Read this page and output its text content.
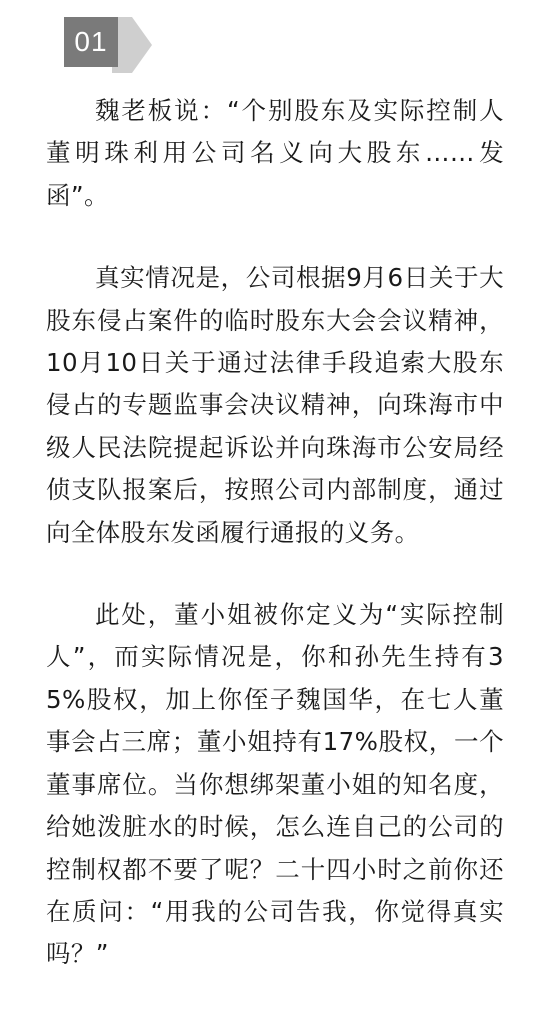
01

魏老板说：“个别股东及实际控制人董明珠利用公司名义向大股东……发函”。

真实情况是，公司根据9月6日关于大股东侵占案件的临时股东大会会议精神，10月10日关于通过法律手段追索大股东侵占的专题监事会决议精神，向珠海市中级人民法院提起诉讼并向珠海市公安局经侦支队报案后，按照公司内部制度，通过向全体股东发函履行通报的义务。

此处，董小姐被你定义为“实际控制人”，而实际情况是，你和孙先生持有35%股权，加上你侄子魏国华，在七人董事会占三席；董小姐持有17%股权，一个董事席位。当你想绑架董小姐的知名度，给她泼脏水的时候，怎么连自己的公司的控制权都不要了呢？二十四小时之前你还在质问：“用我的公司告我，你觉得真实吗？”
